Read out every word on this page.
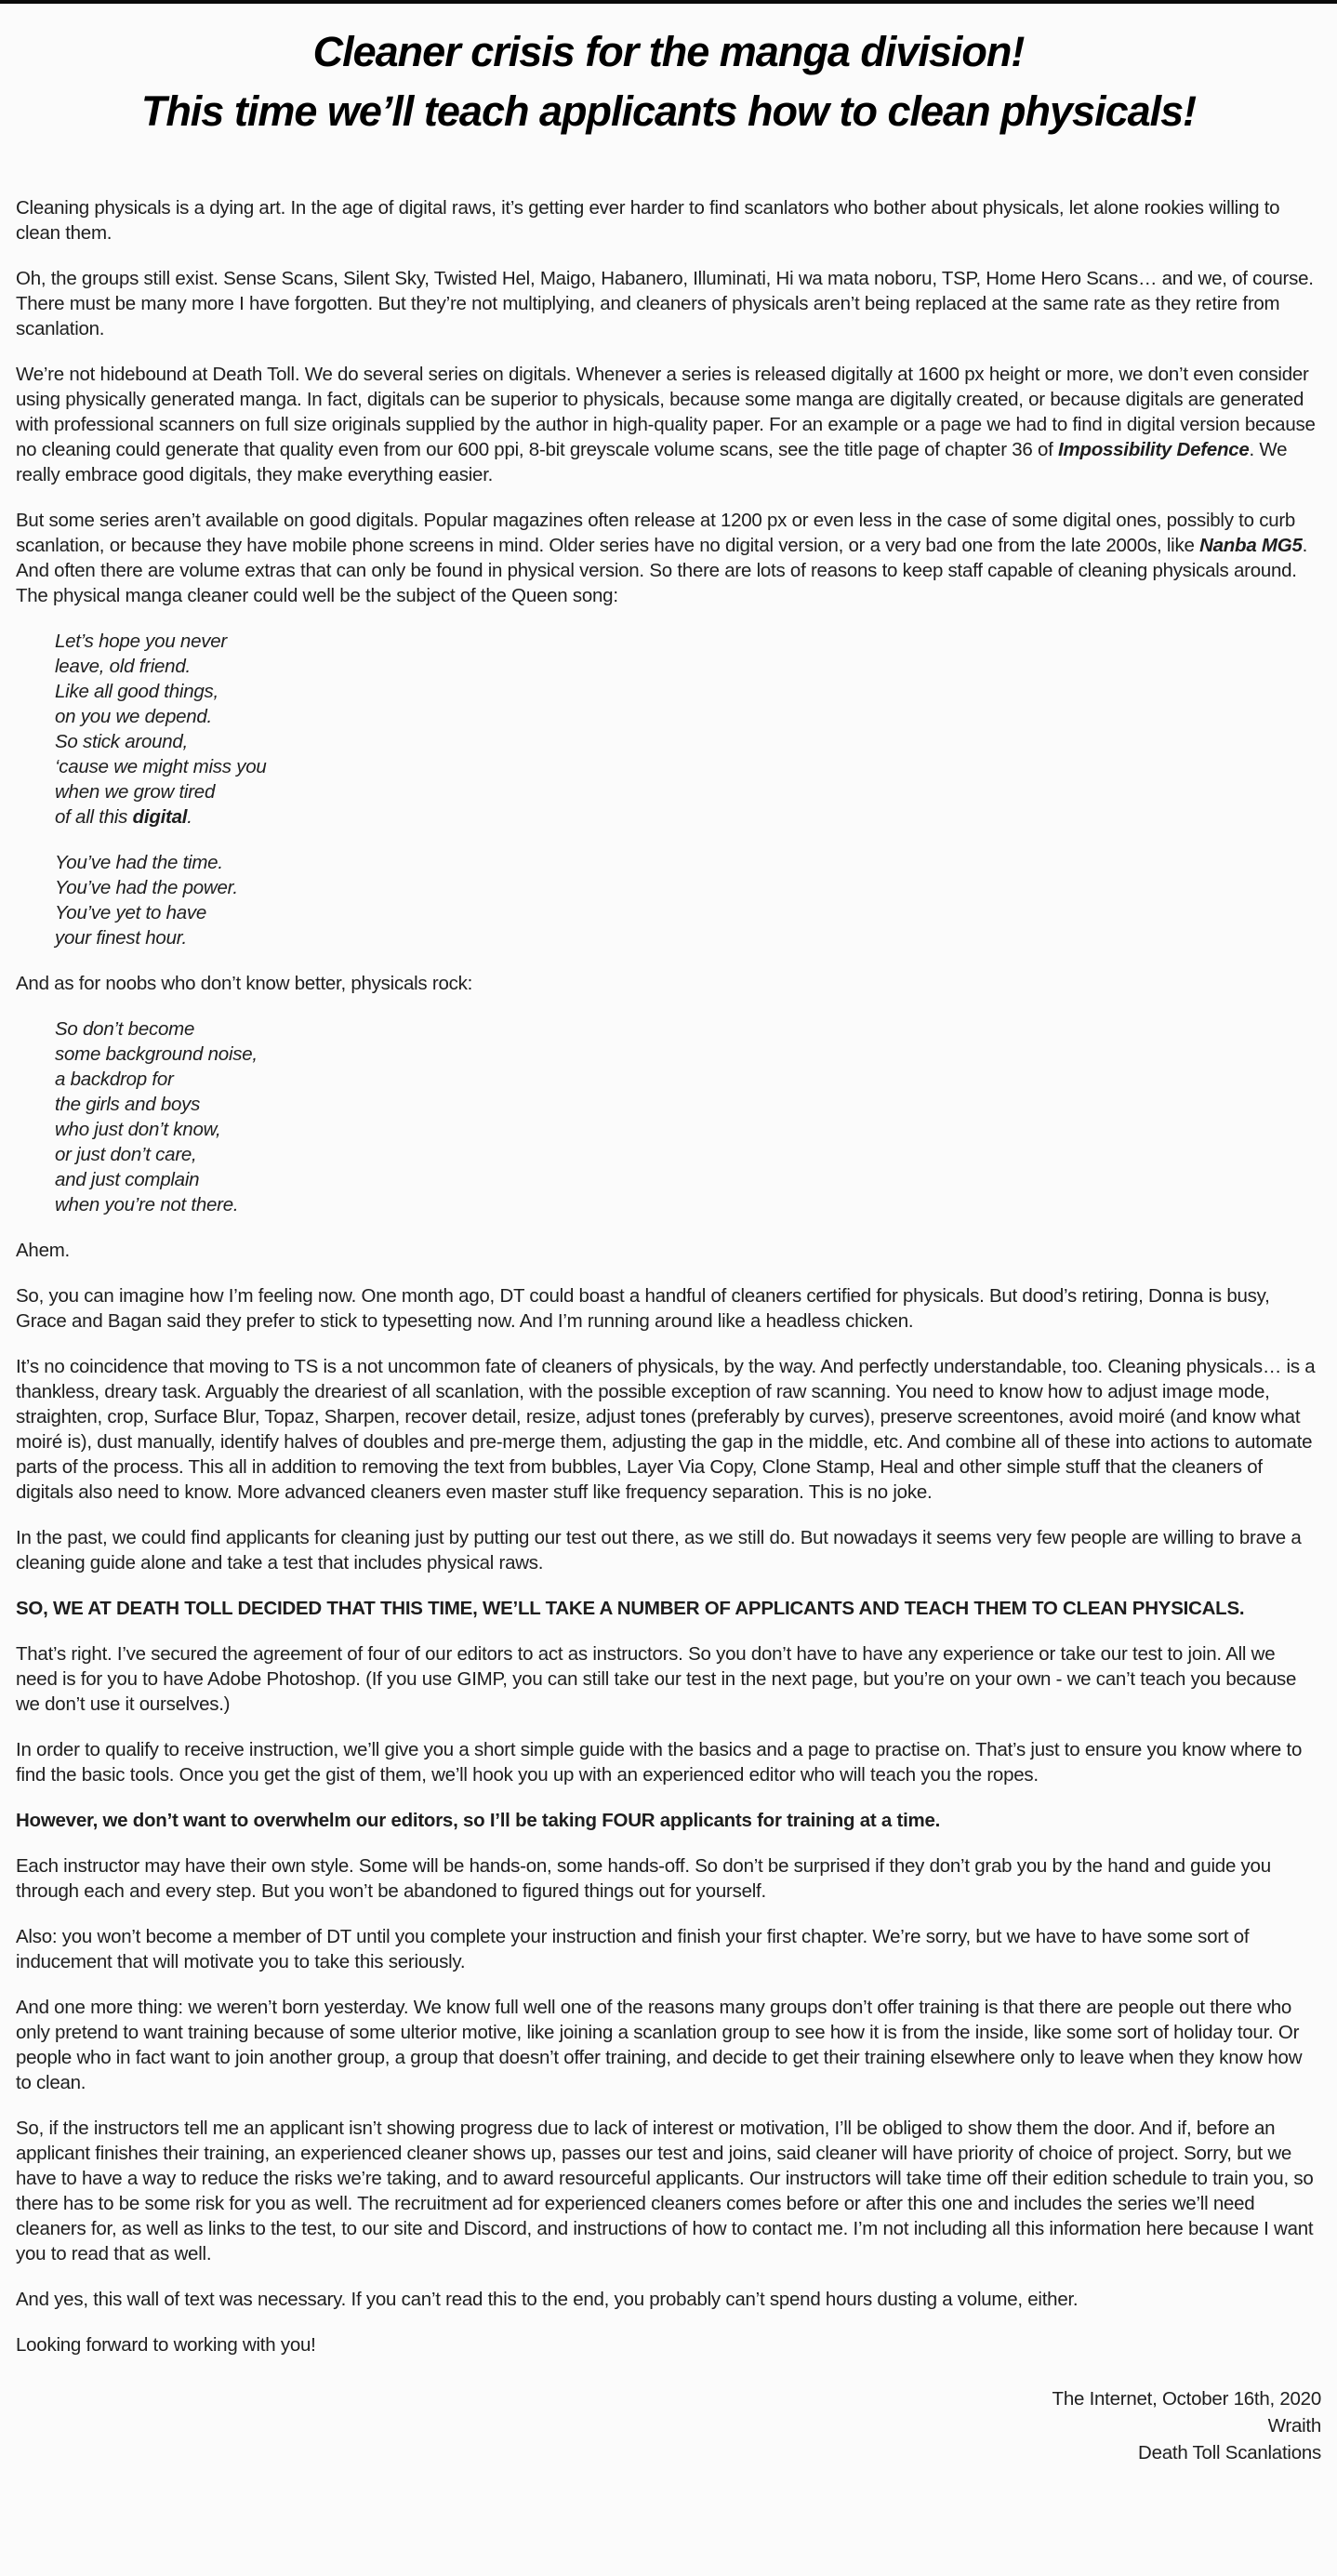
Cleaner crisis for the manga division!
This time we’ll teach applicants how to clean physicals!

Cleaning physicals is a dying art. In the age of digital raws, it’s getting ever harder to find scanlators who bother about physicals, let alone rookies willing to clean them.

Oh, the groups still exist. Sense Scans, Silent Sky, Twisted Hel, Maigo, Habanero, Illuminati, Hi wa mata noboru, TSP, Home Hero Scans… and we, of course. There must be many more I have forgotten. But they’re not multiplying, and cleaners of physicals aren’t being replaced at the same rate as they retire from scanlation.

We’re not hidebound at Death Toll. We do several series on digitals. Whenever a series is released digitally at 1600 px height or more, we don’t even consider using physically generated manga. In fact, digitals can be superior to physicals, because some manga are digitally created, or because digitals are generated with professional scanners on full size originals supplied by the author in high-quality paper. For an example or a page we had to find in digital version because no cleaning could generate that quality even from our 600 ppi, 8-bit greyscale volume scans, see the title page of chapter 36 of Impossibility Defence. We really embrace good digitals, they make everything easier.

But some series aren’t available on good digitals. Popular magazines often release at 1200 px or even less in the case of some digital ones, possibly to curb scanlation, or because they have mobile phone screens in mind. Older series have no digital version, or a very bad one from the late 2000s, like Nanba MG5. And often there are volume extras that can only be found in physical version. So there are lots of reasons to keep staff capable of cleaning physicals around. The physical manga cleaner could well be the subject of the Queen song:

Let’s hope you never
leave, old friend.
Like all good things,
on you we depend.
So stick around,
‘cause we might miss you
when we grow tired
of all this digital.

You’ve had the time.
You’ve had the power.
You’ve yet to have
your finest hour.

And as for noobs who don’t know better, physicals rock:

So don’t become
some background noise,
a backdrop for
the girls and boys
who just don’t know,
or just don’t care,
and just complain
when you’re not there.

Ahem.

So, you can imagine how I’m feeling now. One month ago, DT could boast a handful of cleaners certified for physicals. But dood’s retiring, Donna is busy, Grace and Bagan said they prefer to stick to typesetting now. And I’m running around like a headless chicken.

It’s no coincidence that moving to TS is a not uncommon fate of cleaners of physicals, by the way. And perfectly understandable, too. Cleaning physicals… is a thankless, dreary task. Arguably the dreariest of all scanlation, with the possible exception of raw scanning. You need to know how to adjust image mode, straighten, crop, Surface Blur, Topaz, Sharpen, recover detail, resize, adjust tones (preferably by curves), preserve screentones, avoid moiré (and know what moiré is), dust manually, identify halves of doubles and pre-merge them, adjusting the gap in the middle, etc. And combine all of these into actions to automate parts of the process. This all in addition to removing the text from bubbles, Layer Via Copy, Clone Stamp, Heal and other simple stuff that the cleaners of digitals also need to know. More advanced cleaners even master stuff like frequency separation. This is no joke.

In the past, we could find applicants for cleaning just by putting our test out there, as we still do. But nowadays it seems very few people are willing to brave a cleaning guide alone and take a test that includes physical raws.

SO, WE AT DEATH TOLL DECIDED THAT THIS TIME, WE’LL TAKE A NUMBER OF APPLICANTS AND TEACH THEM TO CLEAN PHYSICALS.

That’s right. I’ve secured the agreement of four of our editors to act as instructors. So you don’t have to have any experience or take our test to join. All we need is for you to have Adobe Photoshop. (If you use GIMP, you can still take our test in the next page, but you’re on your own - we can’t teach you because we don’t use it ourselves.)

In order to qualify to receive instruction, we’ll give you a short simple guide with the basics and a page to practise on. That’s just to ensure you know where to find the basic tools. Once you get the gist of them, we’ll hook you up with an experienced editor who will teach you the ropes.

However, we don’t want to overwhelm our editors, so I’ll be taking FOUR applicants for training at a time.

Each instructor may have their own style. Some will be hands-on, some hands-off. So don’t be surprised if they don’t grab you by the hand and guide you through each and every step. But you won’t be abandoned to figured things out for yourself.

Also: you won’t become a member of DT until you complete your instruction and finish your first chapter. We’re sorry, but we have to have some sort of inducement that will motivate you to take this seriously.

And one more thing: we weren’t born yesterday. We know full well one of the reasons many groups don’t offer training is that there are people out there who only pretend to want training because of some ulterior motive, like joining a scanlation group to see how it is from the inside, like some sort of holiday tour. Or people who in fact want to join another group, a group that doesn’t offer training, and decide to get their training elsewhere only to leave when they know how to clean.

So, if the instructors tell me an applicant isn’t showing progress due to lack of interest or motivation, I’ll be obliged to show them the door. And if, before an applicant finishes their training, an experienced cleaner shows up, passes our test and joins, said cleaner will have priority of choice of project. Sorry, but we have to have a way to reduce the risks we’re taking, and to award resourceful applicants. Our instructors will take time off their edition schedule to train you, so there has to be some risk for you as well. The recruitment ad for experienced cleaners comes before or after this one and includes the series we’ll need cleaners for, as well as links to the test, to our site and Discord, and instructions of how to contact me. I’m not including all this information here because I want you to read that as well.

And yes, this wall of text was necessary. If you can’t read this to the end, you probably can’t spend hours dusting a volume, either.

Looking forward to working with you!

The Internet, October 16th, 2020
Wraith
Death Toll Scanlations
